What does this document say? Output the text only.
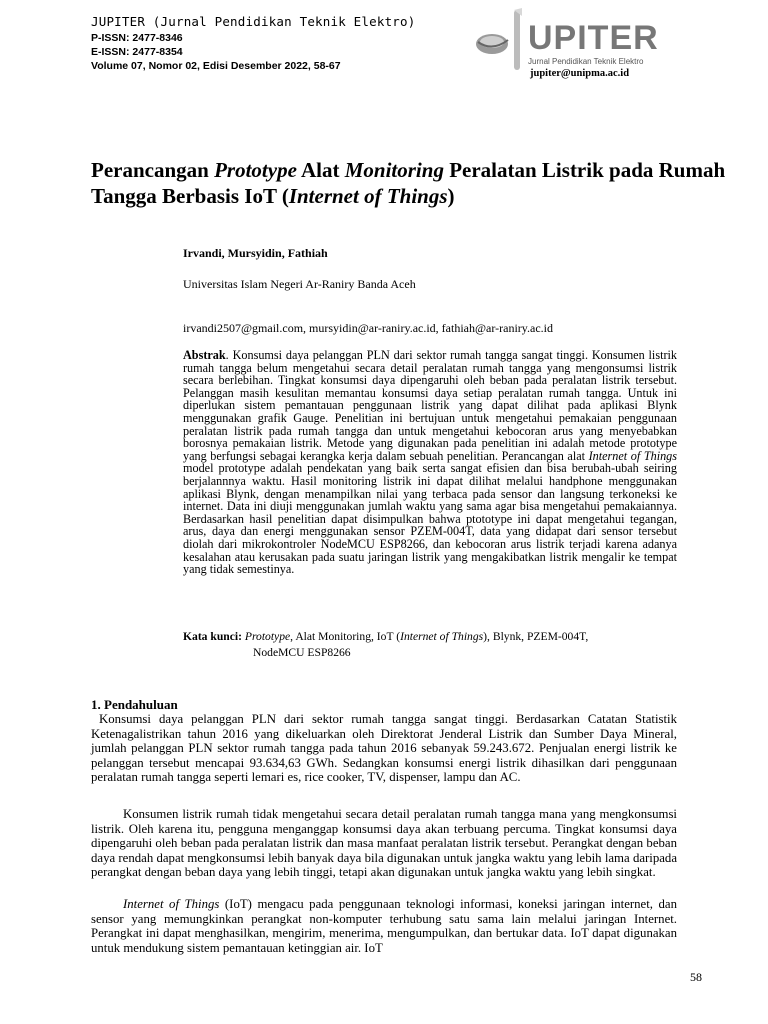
JUPITER (Jurnal Pendidikan Teknik Elektro)
P-ISSN: 2477-8346
E-ISSN: 2477-8354
Volume 07, Nomor 02, Edisi Desember 2022, 58-67
UPITER
Jurnal Pendidikan Teknik Elektro
jupiter@unipma.ac.id
Perancangan Prototype Alat Monitoring Peralatan Listrik pada Rumah Tangga Berbasis IoT (Internet of Things)
Irvandi, Mursyidin, Fathiah
Universitas Islam Negeri Ar-Raniry Banda Aceh
irvandi2507@gmail.com, mursyidin@ar-raniry.ac.id, fathiah@ar-raniry.ac.id
Abstrak. Konsumsi daya pelanggan PLN dari sektor rumah tangga sangat tinggi. Konsumen listrik rumah tangga belum mengetahui secara detail peralatan rumah tangga yang mengonsumsi listrik secara berlebihan. Tingkat konsumsi daya dipengaruhi oleh beban pada peralatan listrik tersebut. Pelanggan masih kesulitan memantau konsumsi daya setiap peralatan rumah tangga. Untuk ini diperlukan sistem pemantauan penggunaan listrik yang dapat dilihat pada aplikasi Blynk menggunakan grafik Gauge. Penelitian ini bertujuan untuk mengetahui pemakaian penggunaan peralatan listrik pada rumah tangga dan untuk mengetahui kebocoran arus yang menyebabkan borosnya pemakaian listrik. Metode yang digunakan pada penelitian ini adalah metode prototype yang berfungsi sebagai kerangka kerja dalam sebuah penelitian. Perancangan alat Internet of Things model prototype adalah pendekatan yang baik serta sangat efisien dan bisa berubah-ubah seiring berjalannnya waktu. Hasil monitoring listrik ini dapat dilihat melalui handphone menggunakan aplikasi Blynk, dengan menampilkan nilai yang terbaca pada sensor dan langsung terkoneksi ke internet. Data ini diuji menggunakan jumlah waktu yang sama agar bisa mengetahui pemakaiannya. Berdasarkan hasil penelitian dapat disimpulkan bahwa ptototype ini dapat mengetahui tegangan, arus, daya dan energi menggunakan sensor PZEM-004T, data yang didapat dari sensor tersebut diolah dari mikrokontroler NodeMCU ESP8266, dan kebocoran arus listrik terjadi karena adanya kesalahan atau kerusakan pada suatu jaringan listrik yang mengakibatkan listrik mengalir ke tempat yang tidak semestinya.
Kata kunci: Prototype, Alat Monitoring, IoT (Internet of Things), Blynk, PZEM-004T,
NodeMCU ESP8266
1. Pendahuluan
Konsumsi daya pelanggan PLN dari sektor rumah tangga sangat tinggi. Berdasarkan Catatan Statistik Ketenagalistrikan tahun 2016 yang dikeluarkan oleh Direktorat Jenderal Listrik dan Sumber Daya Mineral, jumlah pelanggan PLN sektor rumah tangga pada tahun 2016 sebanyak 59.243.672. Penjualan energi listrik ke pelanggan tersebut mencapai 93.634,63 GWh. Sedangkan konsumsi energi listrik dihasilkan dari penggunaan peralatan rumah tangga seperti lemari es, rice cooker, TV, dispenser, lampu dan AC.
Konsumen listrik rumah tidak mengetahui secara detail peralatan rumah tangga mana yang mengkonsumsi listrik. Oleh karena itu, pengguna menganggap konsumsi daya akan terbuang percuma. Tingkat konsumsi daya dipengaruhi oleh beban pada peralatan listrik dan masa manfaat peralatan listrik tersebut. Perangkat dengan beban daya rendah dapat mengkonsumsi lebih banyak daya bila digunakan untuk jangka waktu yang lebih lama daripada perangkat dengan beban daya yang lebih tinggi, tetapi akan digunakan untuk jangka waktu yang lebih singkat.
Internet of Things (IoT) mengacu pada penggunaan teknologi informasi, koneksi jaringan internet, dan sensor yang memungkinkan perangkat non-komputer terhubung satu sama lain melalui jaringan Internet. Perangkat ini dapat menghasilkan, mengirim, menerima, mengumpulkan, dan bertukar data. IoT dapat digunakan untuk mendukung sistem pemantauan ketinggian air. IoT
58
